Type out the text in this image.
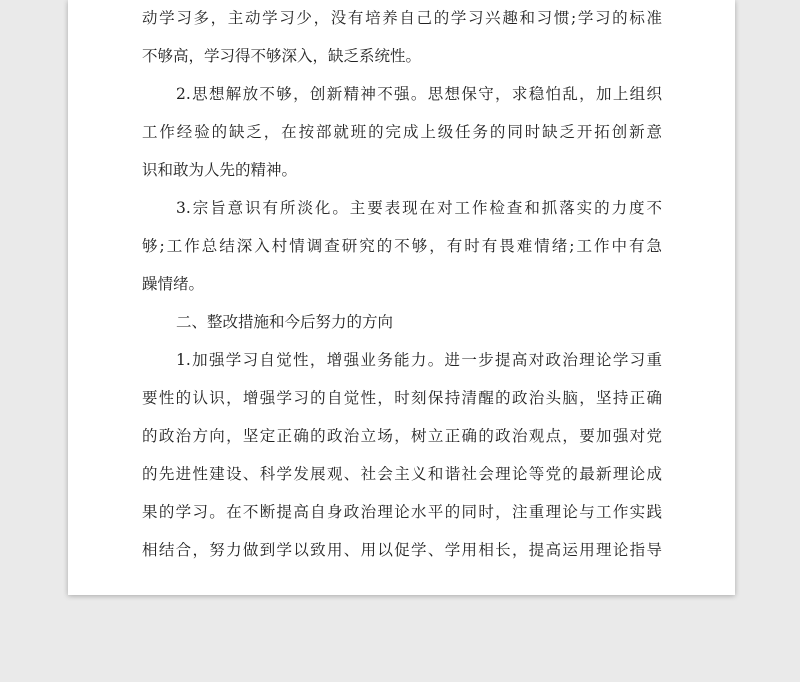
动学习多，主动学习少，没有培养自己的学习兴趣和习惯;学习的标准
不够高，学习得不够深入，缺乏系统性。
2.思想解放不够，创新精神不强。思想保守，求稳怕乱，加上组织
工作经验的缺乏，在按部就班的完成上级任务的同时缺乏开拓创新意
识和敢为人先的精神。
3.宗旨意识有所淡化。主要表现在对工作检查和抓落实的力度不
够;工作总结深入村情调查研究的不够，有时有畏难情绪;工作中有急
躁情绪。
二、整改措施和今后努力的方向
1.加强学习自觉性，增强业务能力。进一步提高对政治理论学习重
要性的认识，增强学习的自觉性，时刻保持清醒的政治头脑，坚持正确
的政治方向，坚定正确的政治立场，树立正确的政治观点，要加强对党
的先进性建设、科学发展观、社会主义和谐社会理论等党的最新理论成
果的学习。在不断提高自身政治理论水平的同时，注重理论与工作实践
相结合，努力做到学以致用、用以促学、学用相长，提高运用理论指导
